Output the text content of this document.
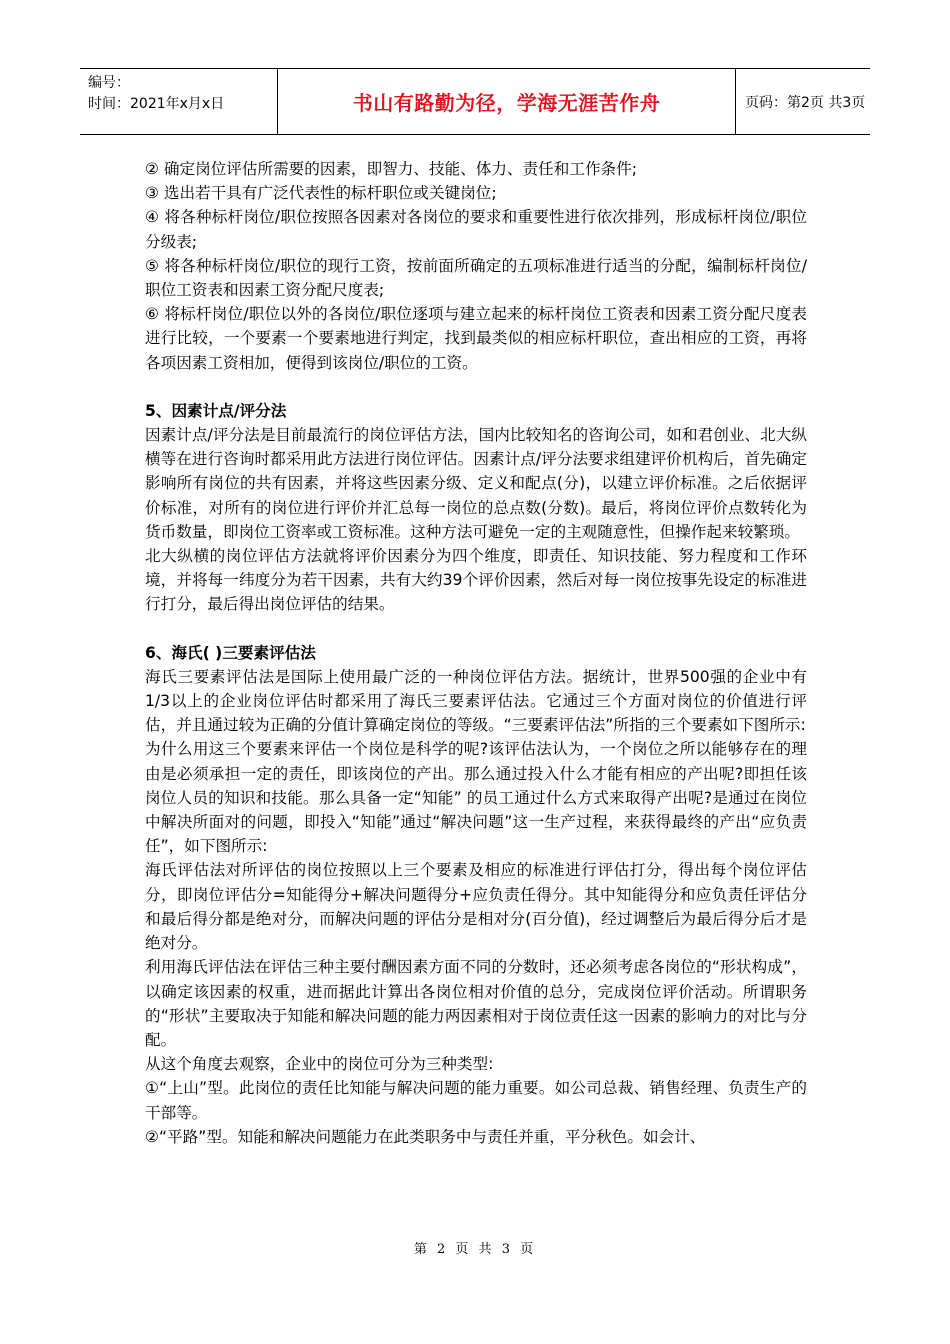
编号：
时间：2021年x月x日	书山有路勤为径，学海无涯苦作舟	页码：第2页 共3页

② 确定岗位评估所需要的因素，即智力、技能、体力、责任和工作条件;

③ 选出若干具有广泛代表性的标杆职位或关键岗位;

④ 将各种标杆岗位/职位按照各因素对各岗位的要求和重要性进行依次排列，形成标杆岗位/职位分级表;

⑤ 将各种标杆岗位/职位的现行工资，按前面所确定的五项标准进行适当的分配，编制标杆岗位/职位工资表和因素工资分配尺度表;

⑥ 将标杆岗位/职位以外的各岗位/职位逐项与建立起来的标杆岗位工资表和因素工资分配尺度表进行比较，一个要素一个要素地进行判定，找到最类似的相应标杆职位，查出相应的工资，再将各项因素工资相加，便得到该岗位/职位的工资。

5、因素计点/评分法

因素计点/评分法是目前最流行的岗位评估方法，国内比较知名的咨询公司，如和君创业、北大纵横等在进行咨询时都采用此方法进行岗位评估。因素计点/评分法要求组建评价机构后，首先确定影响所有岗位的共有因素，并将这些因素分级、定义和配点(分)，以建立评价标准。之后依据评价标准，对所有的岗位进行评价并汇总每一岗位的总点数(分数)。最后，将岗位评价点数转化为货币数量，即岗位工资率或工资标准。这种方法可避免一定的主观随意性，但操作起来较繁琐。

北大纵横的岗位评估方法就将评价因素分为四个维度，即责任、知识技能、努力程度和工作环境，并将每一纬度分为若干因素，共有大约39个评价因素，然后对每一岗位按事先设定的标准进行打分，最后得出岗位评估的结果。

6、海氏( )三要素评估法

海氏三要素评估法是国际上使用最广泛的一种岗位评估方法。据统计，世界500强的企业中有1/3以上的企业岗位评估时都采用了海氏三要素评估法。它通过三个方面对岗位的价值进行评估，并且通过较为正确的分值计算确定岗位的等级。“三要素评估法”所指的三个要素如下图所示:

为什么用这三个要素来评估一个岗位是科学的呢?该评估法认为，一个岗位之所以能够存在的理由是必须承担一定的责任，即该岗位的产出。那么通过投入什么才能有相应的产出呢?即担任该岗位人员的知识和技能。那么具备一定“知能” 的员工通过什么方式来取得产出呢?是通过在岗位中解决所面对的问题，即投入“知能”通过“解决问题”这一生产过程，来获得最终的产出“应负责任”，如下图所示:

海氏评估法对所评估的岗位按照以上三个要素及相应的标准进行评估打分，得出每个岗位评估分，即岗位评估分=知能得分+解决问题得分+应负责任得分。其中知能得分和应负责任评估分和最后得分都是绝对分，而解决问题的评估分是相对分(百分值)，经过调整后为最后得分后才是绝对分。

利用海氏评估法在评估三种主要付酬因素方面不同的分数时，还必须考虑各岗位的“形状构成”，以确定该因素的权重，进而据此计算出各岗位相对价值的总分，完成岗位评价活动。所谓职务的“形状”主要取决于知能和解决问题的能力两因素相对于岗位责任这一因素的影响力的对比与分配。

从这个角度去观察，企业中的岗位可分为三种类型:

①“上山”型。此岗位的责任比知能与解决问题的能力重要。如公司总裁、销售经理、负责生产的干部等。

②“平路”型。知能和解决问题能力在此类职务中与责任并重，平分秋色。如会计、

第 2 页 共 3 页
